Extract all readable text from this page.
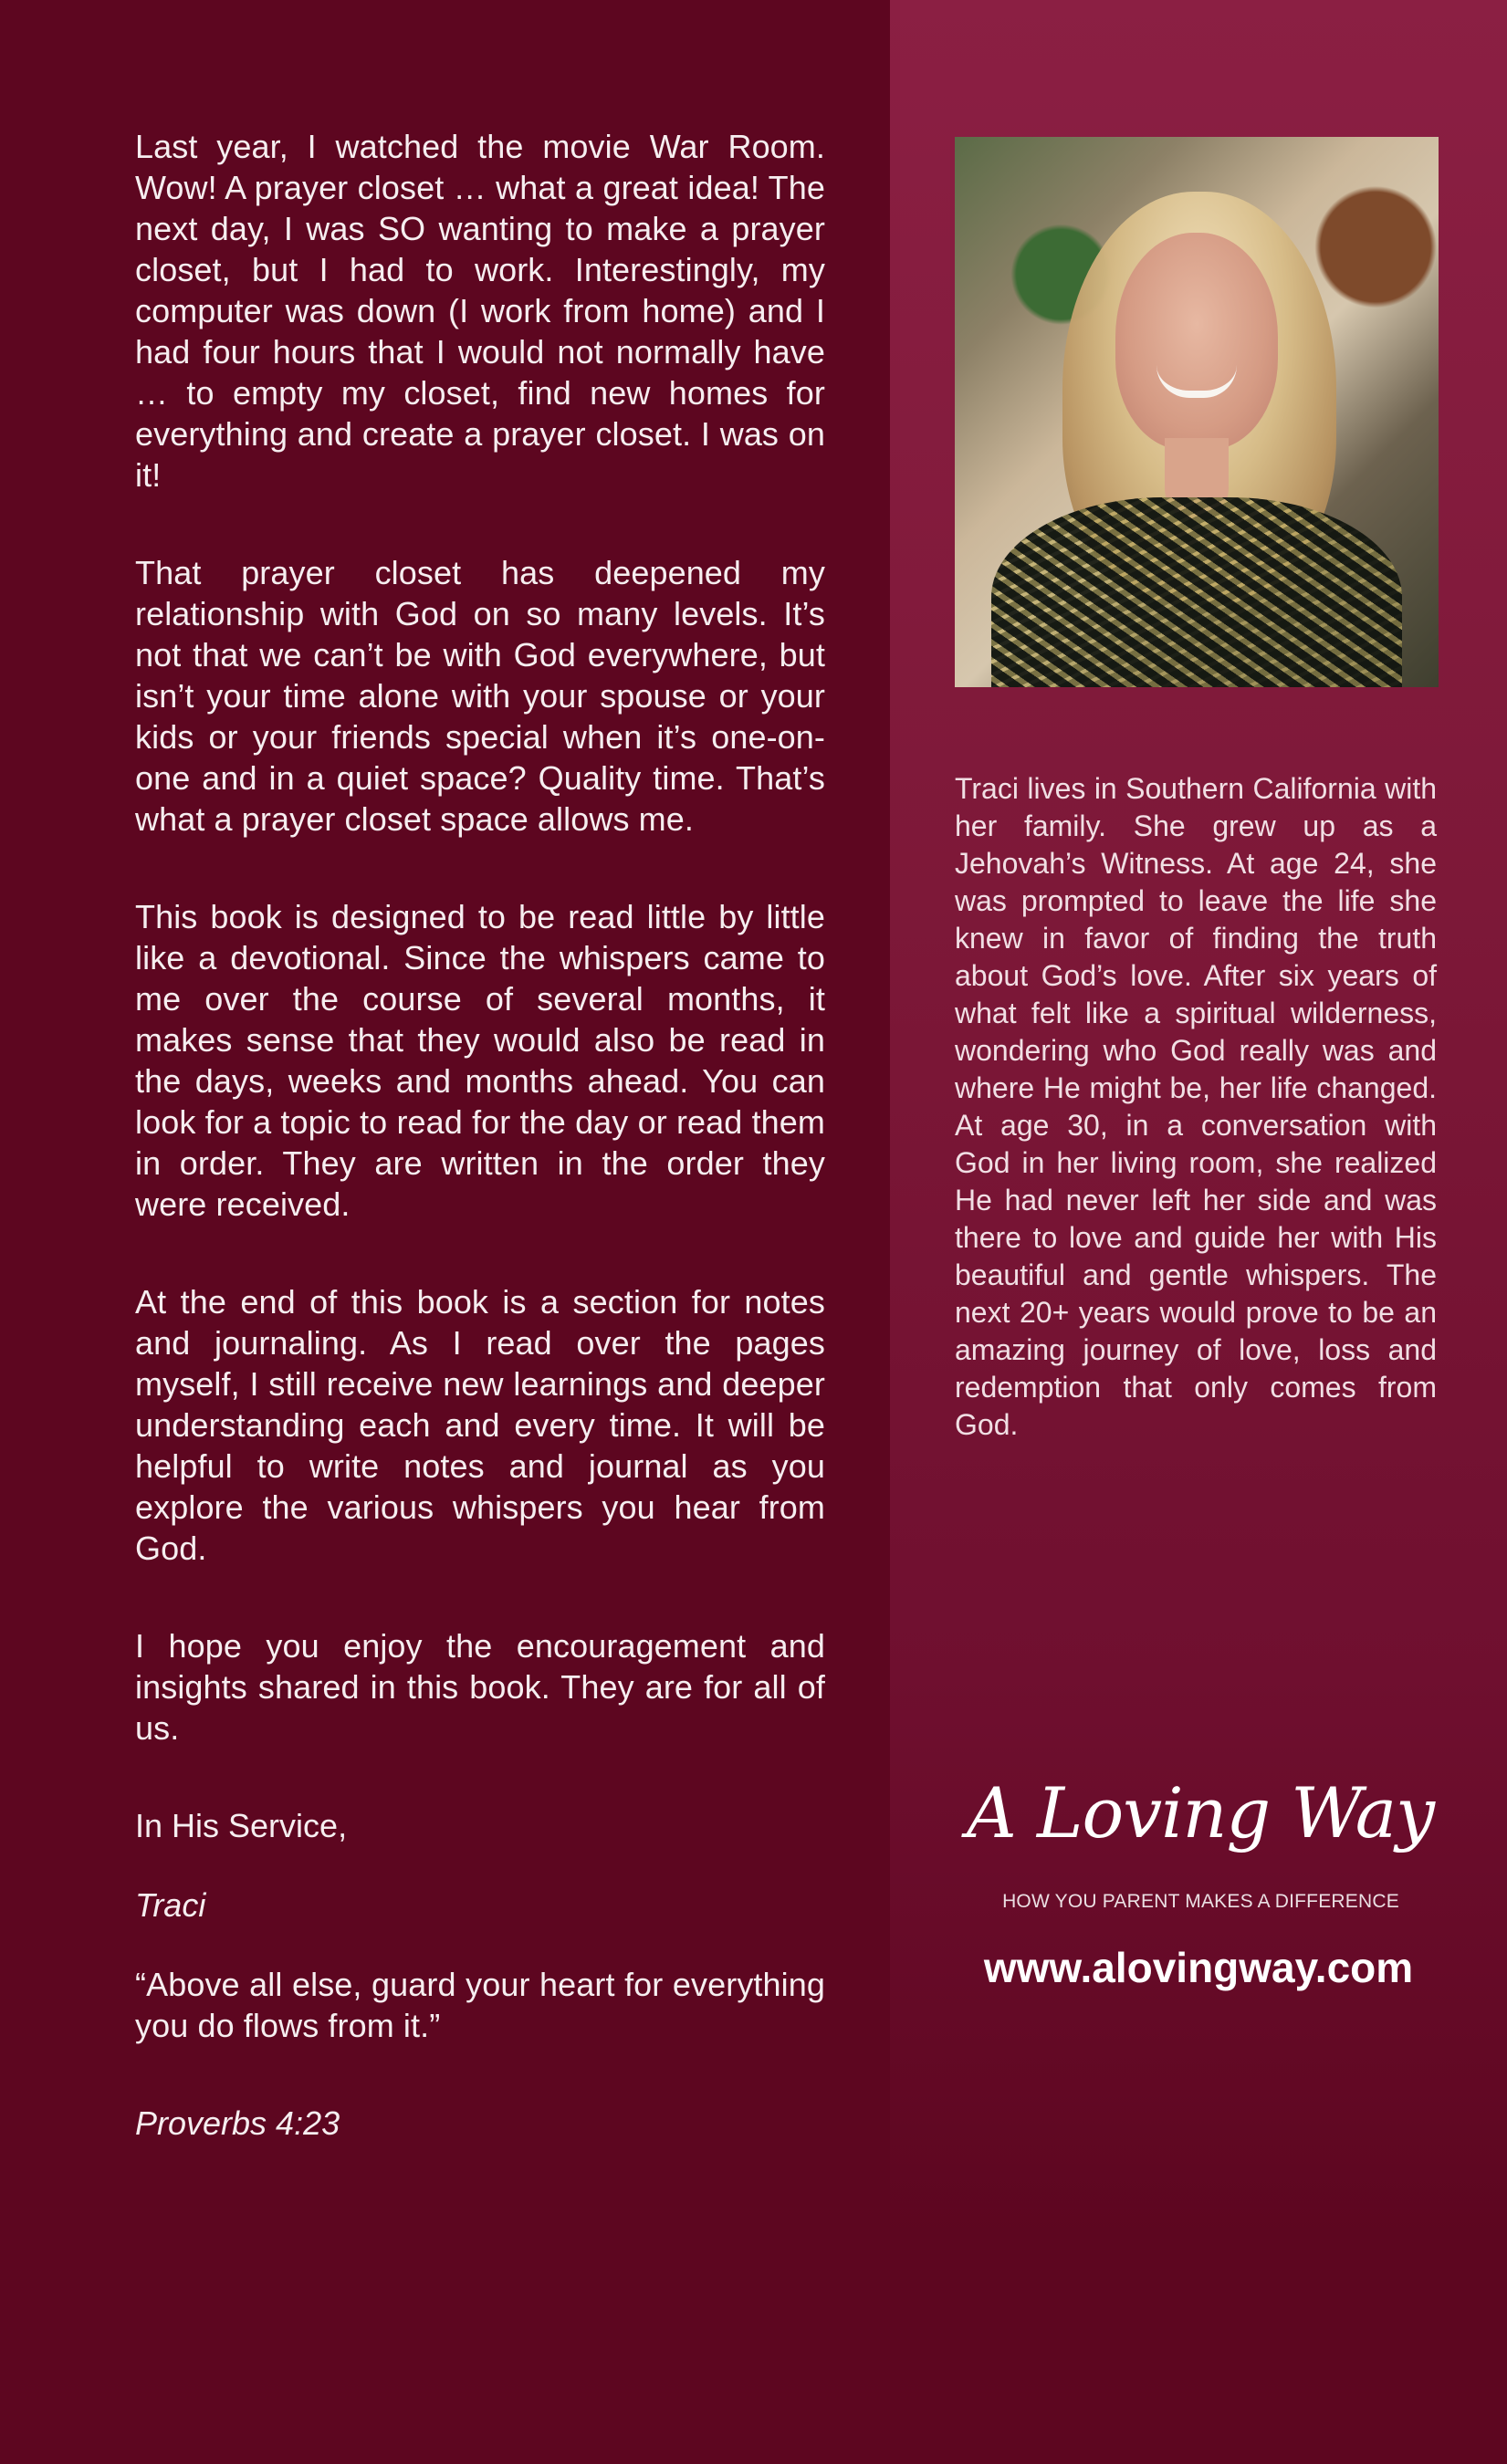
Last year, I watched the movie War Room. Wow! A prayer closet … what a great idea! The next day, I was SO wanting to make a prayer closet, but I had to work. Interestingly, my computer was down (I work from home) and I had four hours that I would not normally have … to empty my closet, find new homes for everything and create a prayer closet. I was on it!

That prayer closet has deepened my relationship with God on so many levels. It’s not that we can’t be with God everywhere, but isn’t your time alone with your spouse or your kids or your friends special when it’s one-on-one and in a quiet space? Quality time. That’s what a prayer closet space allows me.

This book is designed to be read little by little like a devotional. Since the whispers came to me over the course of several months, it makes sense that they would also be read in the days, weeks and months ahead. You can look for a topic to read for the day or read them in order. They are written in the order they were received.

At the end of this book is a section for notes and journaling. As I read over the pages myself, I still receive new learnings and deeper understanding each and every time. It will be helpful to write notes and journal as you explore the various whispers you hear from God.

I hope you enjoy the encouragement and insights shared in this book. They are for all of us.

In His Service,

Traci

“Above all else, guard your heart for everything you do flows from it.”

Proverbs 4:23

Traci lives in Southern California with her family. She grew up as a Jehovah’s Witness. At age 24, she was prompted to leave the life she knew in favor of finding the truth about God’s love. After six years of what felt like a spiritual wilderness, wondering who God really was and where He might be, her life changed. At age 30, in a conversation with God in her living room, she realized He had never left her side and was there to love and guide her with His beautiful and gentle whispers. The next 20+ years would prove to be an amazing journey of love, loss and redemption that only comes from God.

A Loving Way
HOW YOU PARENT MAKES A DIFFERENCE
www.alovingway.com
